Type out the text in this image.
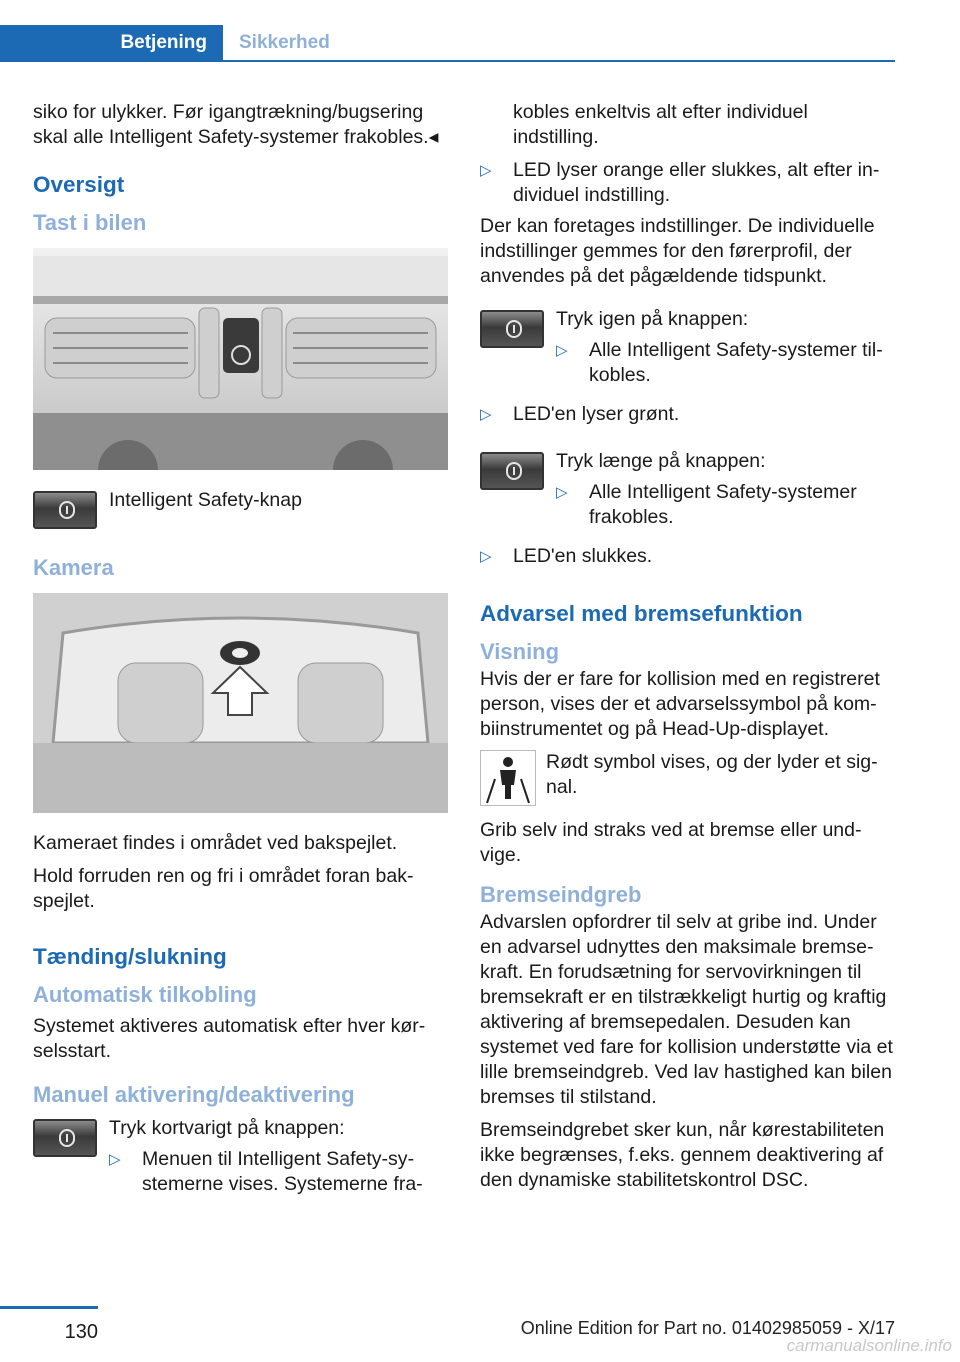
Betjening	Sikkerhed

siko for ulykker. Før igangtrækning/bugsering skal alle Intelligent Safety-systemer frakobles.◂

Oversigt
Tast i bilen
Intelligent Safety-knap
Kamera

Kameraet findes i området ved bakspejlet.

Hold forruden ren og fri i området foran bakspejlet.

Tænding/slukning
Automatisk tilkobling

Systemet aktiveres automatisk efter hver kørselsstart.

Manuel aktivering/deaktivering
Tryk kortvarigt på knappen:
▷	Menuen til Intelligent Safety-systemerne vises. Systemerne fra-

kobles enkeltvis alt efter individuel indstilling.

▷	LED lyser orange eller slukkes, alt efter individuel indstilling.

Der kan foretages indstillinger. De individuelle indstillinger gemmes for den førerprofil, der anvendes på det pågældende tidspunkt.

Tryk igen på knappen:
▷	Alle Intelligent Safety-systemer tilkobles.
▷	LED'en lyser grønt.
Tryk længe på knappen:
▷	Alle Intelligent Safety-systemer frakobles.
▷	LED'en slukkes.
Advarsel med bremsefunktion
Visning

Hvis der er fare for kollision med en registreret person, vises der et advarselssymbol på kombiinstrumentet og på Head-Up-displayet.

Rødt symbol vises, og der lyder et signal.

Grib selv ind straks ved at bremse eller undvige.

Bremseindgreb

Advarslen opfordrer til selv at gribe ind. Under en advarsel udnyttes den maksimale bremsekraft. En forudsætning for servovirkningen til bremsekraft er en tilstrækkeligt hurtig og kraftig aktivering af bremsepedalen. Desuden kan systemet ved fare for kollision understøtte via et lille bremseindgreb. Ved lav hastighed kan bilen bremses til stilstand.

Bremseindgrebet sker kun, når kørestabiliteten ikke begrænses, f.eks. gennem deaktivering af den dynamiske stabilitetskontrol DSC.

130	Online Edition for Part no. 01402985059 - X/17
carmanualsonline.info
